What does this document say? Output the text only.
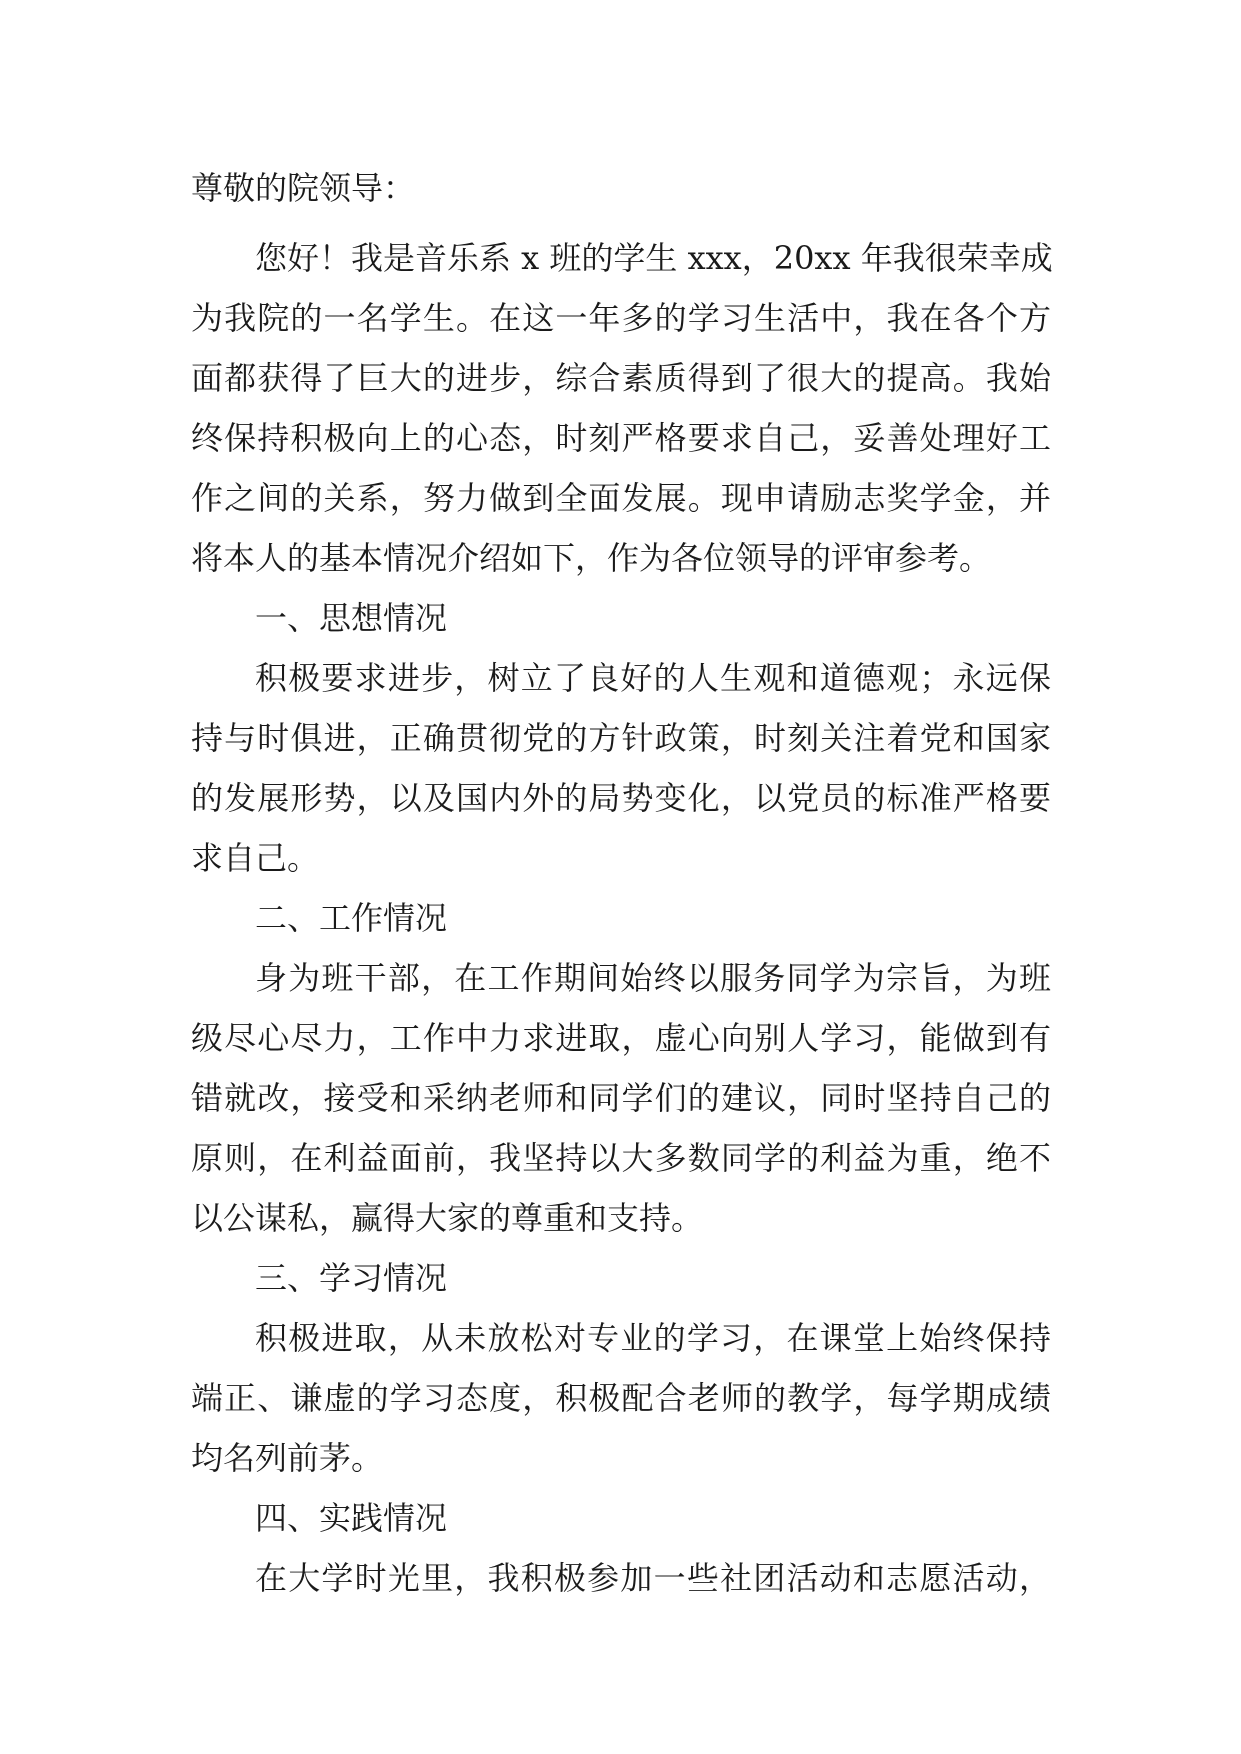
尊敬的院领导：
您好！我是音乐系 x 班的学生 xxx，20xx 年我很荣幸成
为我院的一名学生。在这一年多的学习生活中，我在各个方
面都获得了巨大的进步，综合素质得到了很大的提高。我始
终保持积极向上的心态，时刻严格要求自己，妥善处理好工
作之间的关系，努力做到全面发展。现申请励志奖学金，并
将本人的基本情况介绍如下，作为各位领导的评审参考。
一、思想情况
积极要求进步，树立了良好的人生观和道德观；永远保
持与时俱进，正确贯彻党的方针政策，时刻关注着党和国家
的发展形势，以及国内外的局势变化，以党员的标准严格要
求自己。
二、工作情况
身为班干部，在工作期间始终以服务同学为宗旨，为班
级尽心尽力，工作中力求进取，虚心向别人学习，能做到有
错就改，接受和采纳老师和同学们的建议，同时坚持自己的
原则，在利益面前，我坚持以大多数同学的利益为重，绝不
以公谋私，赢得大家的尊重和支持。
三、学习情况
积极进取，从未放松对专业的学习，在课堂上始终保持
端正、谦虚的学习态度，积极配合老师的教学，每学期成绩
均名列前茅。
四、实践情况
在大学时光里，我积极参加一些社团活动和志愿活动，
